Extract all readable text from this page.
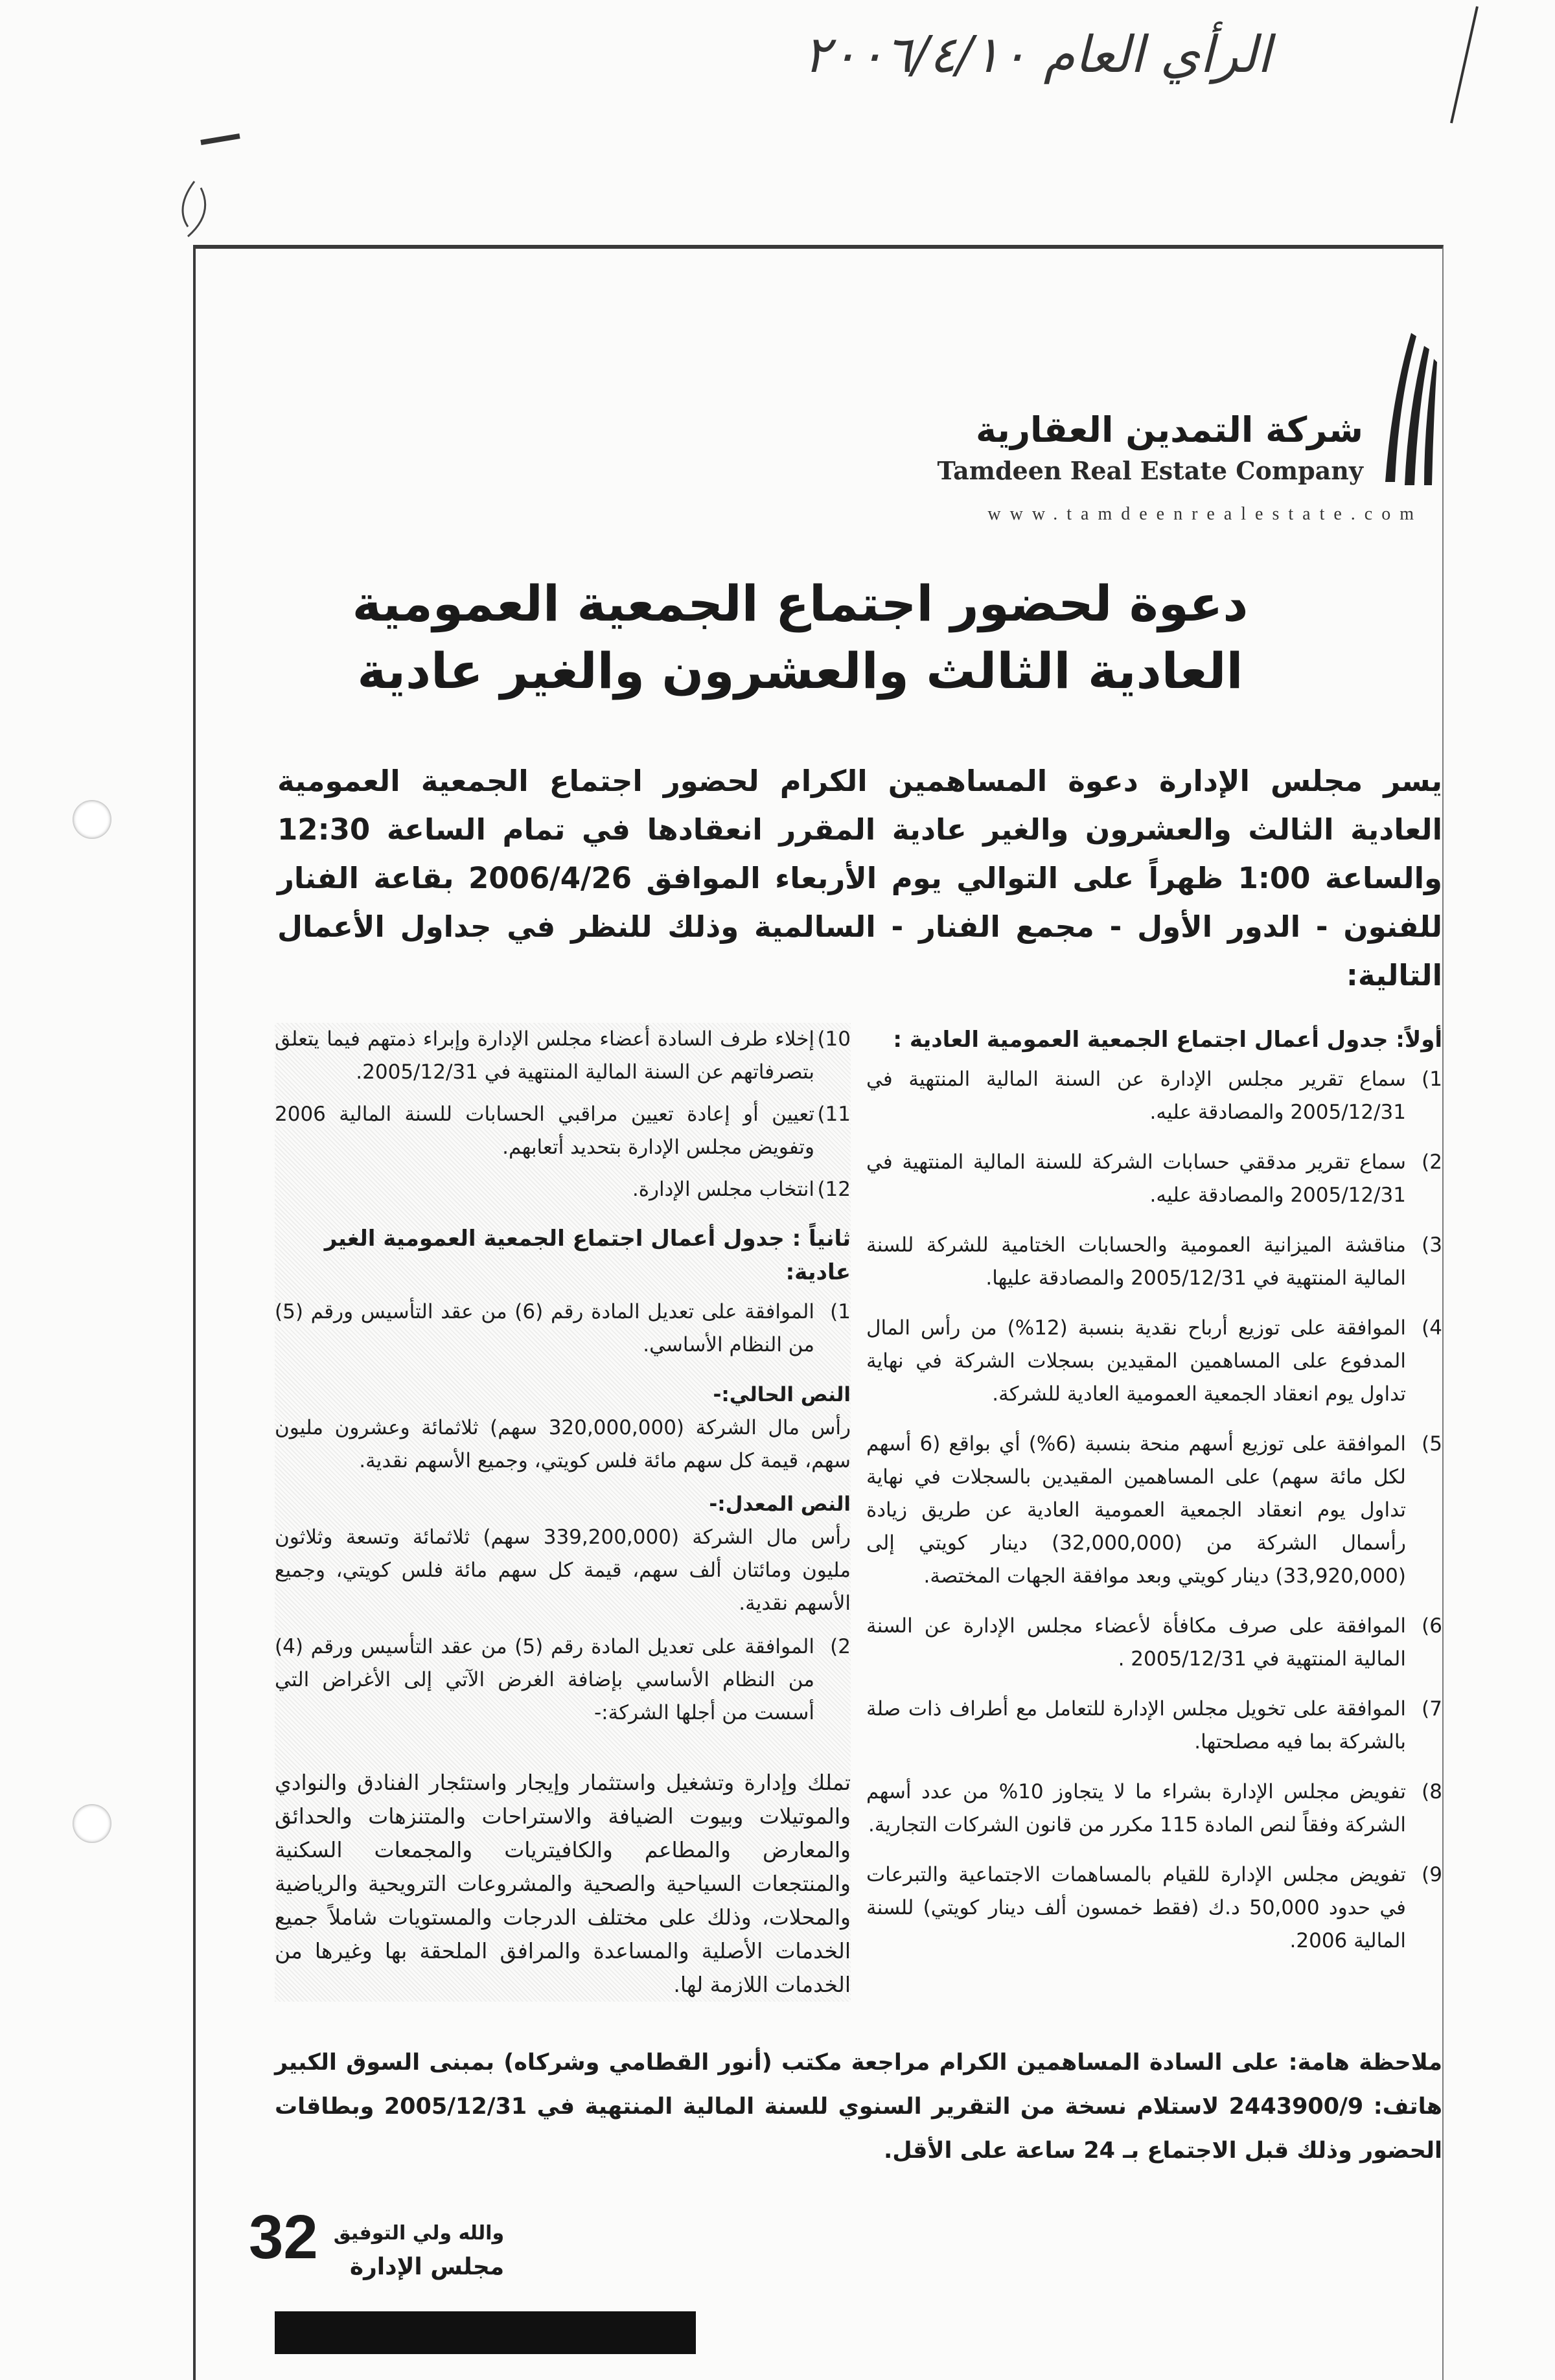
الرأي العام ٢٠٠٦/٤/١٠
شركة التمدين العقارية
Tamdeen Real Estate Company
www.tamdeenrealestate.com
دعوة لحضور اجتماع الجمعية العمومية
العادية الثالث والعشرون والغير عادية
يسر مجلس الإدارة دعوة المساهمين الكرام لحضور اجتماع الجمعية العمومية العادية الثالث والعشرون والغير عادية المقرر انعقادها في تمام الساعة 12:30 والساعة 1:00 ظهراً على التوالي يوم الأربعاء الموافق 2006/4/26 بقاعة الفنار للفنون - الدور الأول - مجمع الفنار - السالمية وذلك للنظر في جداول الأعمال التالية:
أولاً: جدول أعمال اجتماع الجمعية العمومية العادية :
1)
سماع تقرير مجلس الإدارة عن السنة المالية المنتهية في 2005/12/31 والمصادقة عليه.
2)
سماع تقرير مدققي حسابات الشركة للسنة المالية المنتهية في 2005/12/31 والمصادقة عليه.
3)
مناقشة الميزانية العمومية والحسابات الختامية للشركة للسنة المالية المنتهية في 2005/12/31 والمصادقة عليها.
4)
الموافقة على توزيع أرباح نقدية بنسبة (12%) من رأس المال المدفوع على المساهمين المقيدين بسجلات الشركة في نهاية تداول يوم انعقاد الجمعية العمومية العادية للشركة.
5)
الموافقة على توزيع أسهم منحة بنسبة (6%) أي بواقع (6 أسهم لكل مائة سهم) على المساهمين المقيدين بالسجلات في نهاية تداول يوم انعقاد الجمعية العمومية العادية عن طريق زيادة رأسمال الشركة من (32,000,000) دينار كويتي إلى (33,920,000) دينار كويتي وبعد موافقة الجهات المختصة.
6)
الموافقة على صرف مكافأة لأعضاء مجلس الإدارة عن السنة المالية المنتهية في 2005/12/31 .
7)
الموافقة على تخويل مجلس الإدارة للتعامل مع أطراف ذات صلة بالشركة بما فيه مصلحتها.
8)
تفويض مجلس الإدارة بشراء ما لا يتجاوز 10% من عدد أسهم الشركة وفقاً لنص المادة 115 مكرر من قانون الشركات التجارية.
9)
تفويض مجلس الإدارة للقيام بالمساهمات الاجتماعية والتبرعات في حدود 50,000 د.ك (فقط خمسون ألف دينار كويتي) للسنة المالية 2006.
10)
إخلاء طرف السادة أعضاء مجلس الإدارة وإبراء ذمتهم فيما يتعلق بتصرفاتهم عن السنة المالية المنتهية في 2005/12/31.
11)
تعيين أو إعادة تعيين مراقبي الحسابات للسنة المالية 2006 وتفويض مجلس الإدارة بتحديد أتعابهم.
12)
انتخاب مجلس الإدارة.
ثانياً : جدول أعمال اجتماع الجمعية العمومية الغير عادية:
1)
الموافقة على تعديل المادة رقم (6) من عقد التأسيس ورقم (5) من النظام الأساسي.
النص الحالي:-
رأس مال الشركة (320,000,000 سهم) ثلاثمائة وعشرون مليون سهم، قيمة كل سهم مائة فلس كويتي، وجميع الأسهم نقدية.
النص المعدل:-
رأس مال الشركة (339,200,000 سهم) ثلاثمائة وتسعة وثلاثون مليون ومائتان ألف سهم، قيمة كل سهم مائة فلس كويتي، وجميع الأسهم نقدية.
2)
الموافقة على تعديل المادة رقم (5) من عقد التأسيس ورقم (4) من النظام الأساسي بإضافة الغرض الآتي إلى الأغراض التي أسست من أجلها الشركة:-
تملك وإدارة وتشغيل واستثمار وإيجار واستئجار الفنادق والنوادي والموتيلات وبيوت الضيافة والاستراحات والمتنزهات والحدائق والمعارض والمطاعم والكافيتريات والمجمعات السكنية والمنتجعات السياحية والصحية والمشروعات الترويحية والرياضية والمحلات، وذلك على مختلف الدرجات والمستويات شاملاً جميع الخدمات الأصلية والمساعدة والمرافق الملحقة بها وغيرها من الخدمات اللازمة لها.
ملاحظة هامة: على السادة المساهمين الكرام مراجعة مكتب (أنور القطامي وشركاه) بمبنى السوق الكبير هاتف: 2443900/9 لاستلام نسخة من التقرير السنوي للسنة المالية المنتهية في 2005/12/31 وبطاقات الحضور وذلك قبل الاجتماع بـ 24 ساعة على الأقل.
32 والله ولي التوفيق
مجلس الإدارة
